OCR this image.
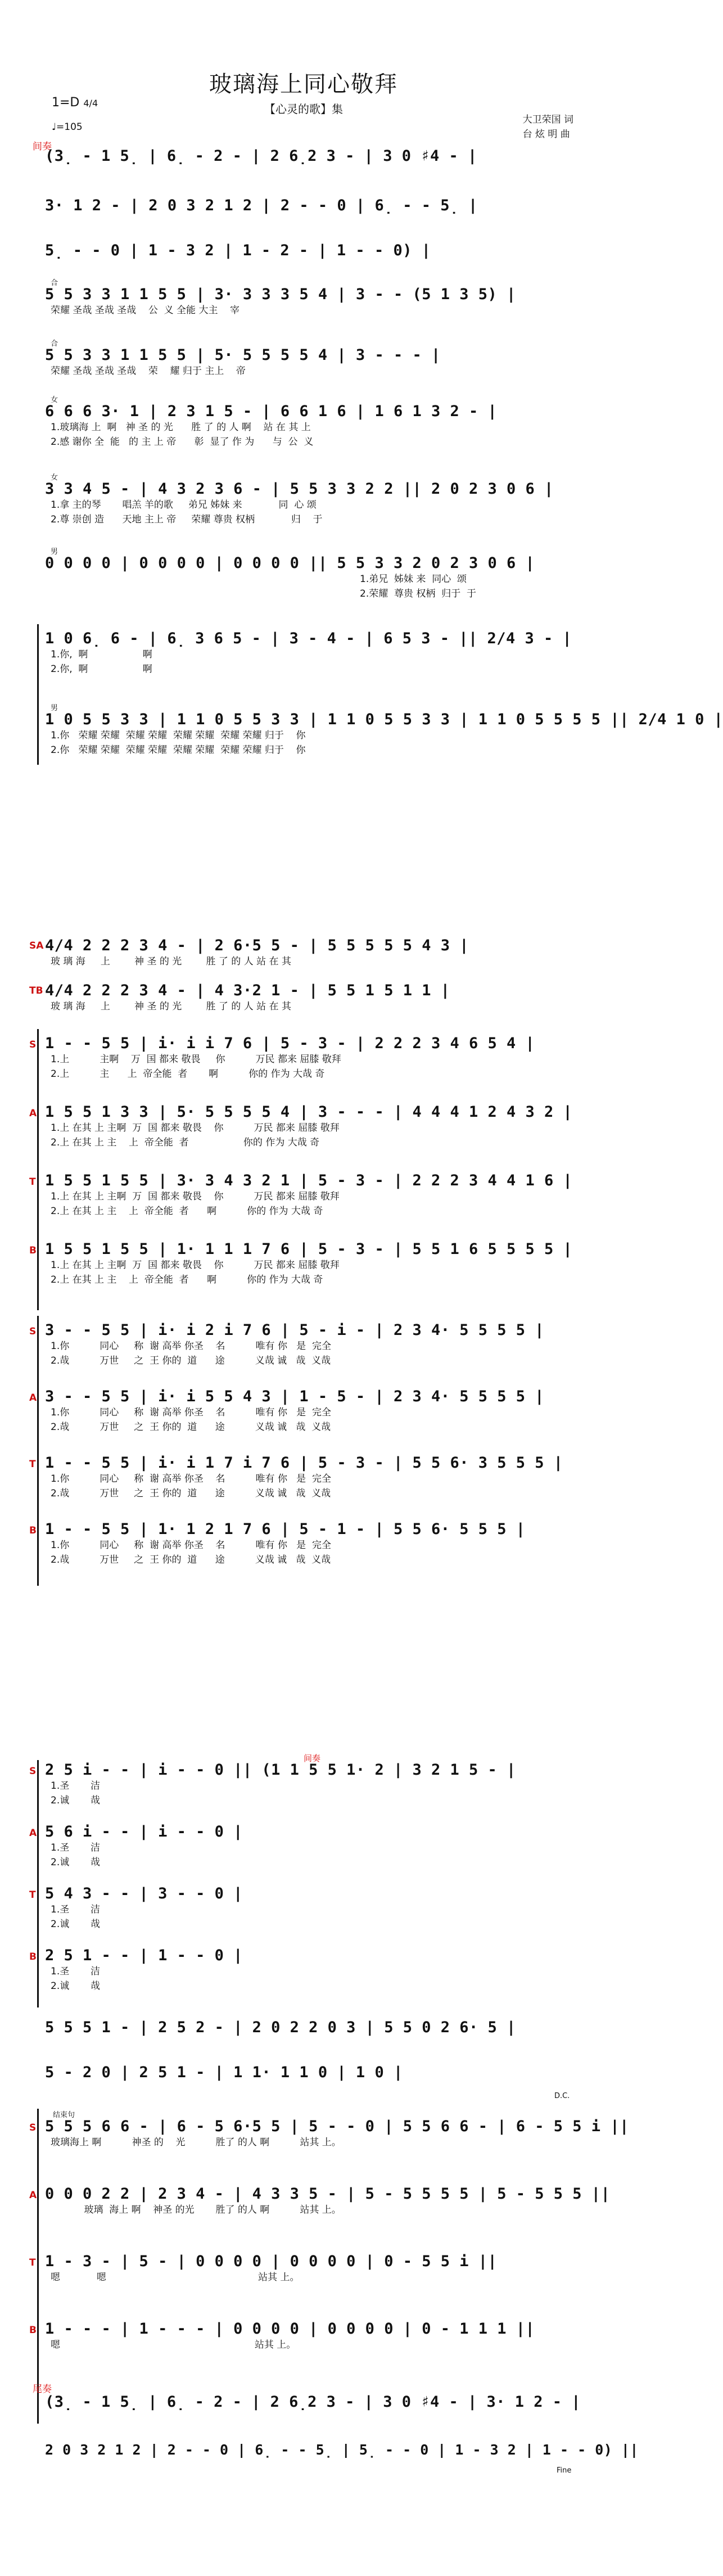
玻璃海上同心敬拜
【心灵的歌】集
1=D 4/4
♩=105
大卫荣国 词
台 炫 明 曲
间奏
(3̣ - 1 5̣ | 6̣ - 2 - | 2 6̣2 3 - | 3 0 ♯4 - |
3· 1 2 - | 2 0 3 2 1 2 | 2 - - 0 | 6̣ - - 5̣ |
5̣ - - 0 | 1 - 3 2 | 1 - 2 - | 1 - - 0) |
合
5 5 3 3 1 1 5 5 | 3· 3 3 3 5 4 | 3 - - (5 1 3 5) |
荣耀 圣哉 圣哉 圣哉    公  义 全能 大主    宰
合
5 5 3 3 1 1 5 5 | 5· 5 5 5 5 4 | 3 - - - |
荣耀 圣哉 圣哉 圣哉    荣    耀 归于 主上    帝
女
6 6 6 3· 1 | 2 3 1 5 - | 6 6 1 6 | 1 6 1 3 2 - |
1.玻璃海 上  啊   神 圣 的 光      胜 了 的 人 啊    站 在 其 上
2.感 谢你 全  能   的 主 上 帝      彰  显了 作 为      与  公  义
女
3 3 4 5 - | 4 3 2 3 6 - | 5 5 3 3 2 2 || 2 0 2 3 0 6 |
1.拿 主的琴       唱羔 羊的歌     弟兄 姊妹 来            同  心 颂
2.尊 崇创 造      天地 主上 帝     荣耀 尊贵 权柄            归    于
男
0 0 0 0 | 0 0 0 0 | 0 0 0 0 || 5 5 3 3 2 0 2 3 0 6 |
1.弟兄  姊妹 来  同心  颂
2.荣耀  尊贵 权柄  归于  于
1 0 6̣ 6 - | 6̣ 3 6 5 - | 3 - 4 - | 6 5 3 - || 2/4 3 - |
1.你,  啊                  啊
2.你,  啊                  啊
男
1 0 5 5 3 3 | 1 1 0 5 5 3 3 | 1 1 0 5 5 3 3 | 1 1 0 5 5 5 5 || 2/4 1 0 |
1.你   荣耀 荣耀  荣耀 荣耀  荣耀 荣耀  荣耀 荣耀 归于    你
2.你   荣耀 荣耀  荣耀 荣耀  荣耀 荣耀  荣耀 荣耀 归于    你
SA 4/4 2 2 2 3 4 - | 2 6·5 5 - | 5 5 5 5 5 4 3 |
玻 璃 海     上        神 圣 的 光        胜 了 的 人 站 在 其
TB 4/4 2 2 2 3 4 - | 4 3·2 1 - | 5 5 1 5 1 1 |
玻 璃 海     上        神 圣 的 光        胜 了 的 人 站 在 其
S 1 - - 5 5 | i· i i 7 6 | 5 - 3 - | 2 2 2 3 4 6 5 4 |
1.上          主啊    万  国 都来 敬畏     你          万民 都来 屈膝 敬拜
2.上          主      上  帝全能  者       啊          你的 作为 大哉 奇
A 1 5 5 1 3 3 | 5· 5 5 5 5 4 | 3 - - - | 4 4 4 1 2 4 3 2 |
1.上 在其 上 主啊  万  国 都来 敬畏    你          万民 都来 屈膝 敬拜
2.上 在其 上 主    上  帝全能  者                  你的 作为 大哉 奇
T 1 5 5 1 5 5 | 3· 3 4 3 2 1 | 5 - 3 - | 2 2 2 3 4 4 1 6 |
1.上 在其 上 主啊  万  国 都来 敬畏    你          万民 都来 屈膝 敬拜
2.上 在其 上 主    上  帝全能  者      啊          你的 作为 大哉 奇
B 1 5 5 1 5 5 | 1· 1 1 1 7 6 | 5 - 3 - | 5 5 1 6 5 5 5 5 |
1.上 在其 上 主啊  万  国 都来 敬畏    你          万民 都来 屈膝 敬拜
2.上 在其 上 主    上  帝全能  者      啊          你的 作为 大哉 奇
S 3 - - 5 5 | i· i 2 i 7 6 | 5 - i - | 2 3 4· 5 5 5 5 |
1.你          同心     称  谢 高举 你圣    名          唯有 你   是  完全
2.哉          万世     之  王 你的  道      途          义哉 诚   哉  义哉
A 3 - - 5 5 | i· i 5 5 4 3 | 1 - 5 - | 2 3 4· 5 5 5 5 |
1.你          同心     称  谢 高举 你圣    名          唯有 你   是  完全
2.哉          万世     之  王 你的  道      途          义哉 诚   哉  义哉
T 1 - - 5 5 | i· i 1 7 i 7 6 | 5 - 3 - | 5 5 6· 3 5 5 5 |
1.你          同心     称  谢 高举 你圣    名          唯有 你   是  完全
2.哉          万世     之  王 你的  道      途          义哉 诚   哉  义哉
B 1 - - 5 5 | 1· 1 2 1 7 6 | 5 - 1 - | 5 5 6· 5 5 5 |
1.你          同心     称  谢 高举 你圣    名          唯有 你   是  完全
2.哉          万世     之  王 你的  道      途          义哉 诚   哉  义哉
间奏
S 2 5 i - - | i - - 0 || (1 1 5 5 1· 2 | 3 2 1 5 - |
1.圣       洁
2.诚       哉
A 5 6 i - - | i - - 0 |
1.圣       洁
2.诚       哉
T 5 4 3 - - | 3 - - 0 |
1.圣       洁
2.诚       哉
B 2 5 1 - - | 1 - - 0 |
1.圣       洁
2.诚       哉
5 5 5 1 - | 2 5 2 - | 2 0 2 2 0 3 | 5 5 0 2 6· 5 |
5 - 2 0 | 2 5 1 - | 1 1· 1 1 0 | 1 0 |
D.C.
结束句
S 5 5 5 6 6 - | 6 - 5 6·5 5 | 5 - - 0 | 5 5 6 6 - | 6 - 5 5 i ||
玻璃海上 啊          神圣 的    光          胜了 的人 啊          站其 上。
A 0 0 0 2 2 | 2 3 4 - | 4 3 3 5 - | 5 - 5 5 5 5 | 5 - 5 5 5 ||
玻璃  海上 啊    神圣 的光       胜了 的人 啊          站其 上。
T 1 - 3 - | 5 - | 0 0 0 0 | 0 0 0 0 | 0 - 5 5 i ||
嗯            嗯                                                  站其 上。
B 1 - - - | 1 - - - | 0 0 0 0 | 0 0 0 0 | 0 - 1 1 1 ||
嗯                                                                站其 上。
尾奏
(3̣ - 1 5̣ | 6̣ - 2 - | 2 6̣2 3 - | 3 0 ♯4 - | 3· 1 2 - |
2 0 3 2 1 2 | 2 - - 0 | 6̣ - - 5̣ | 5̣ - - 0 | 1 - 3 2 | 1 - - 0) ||
Fine
